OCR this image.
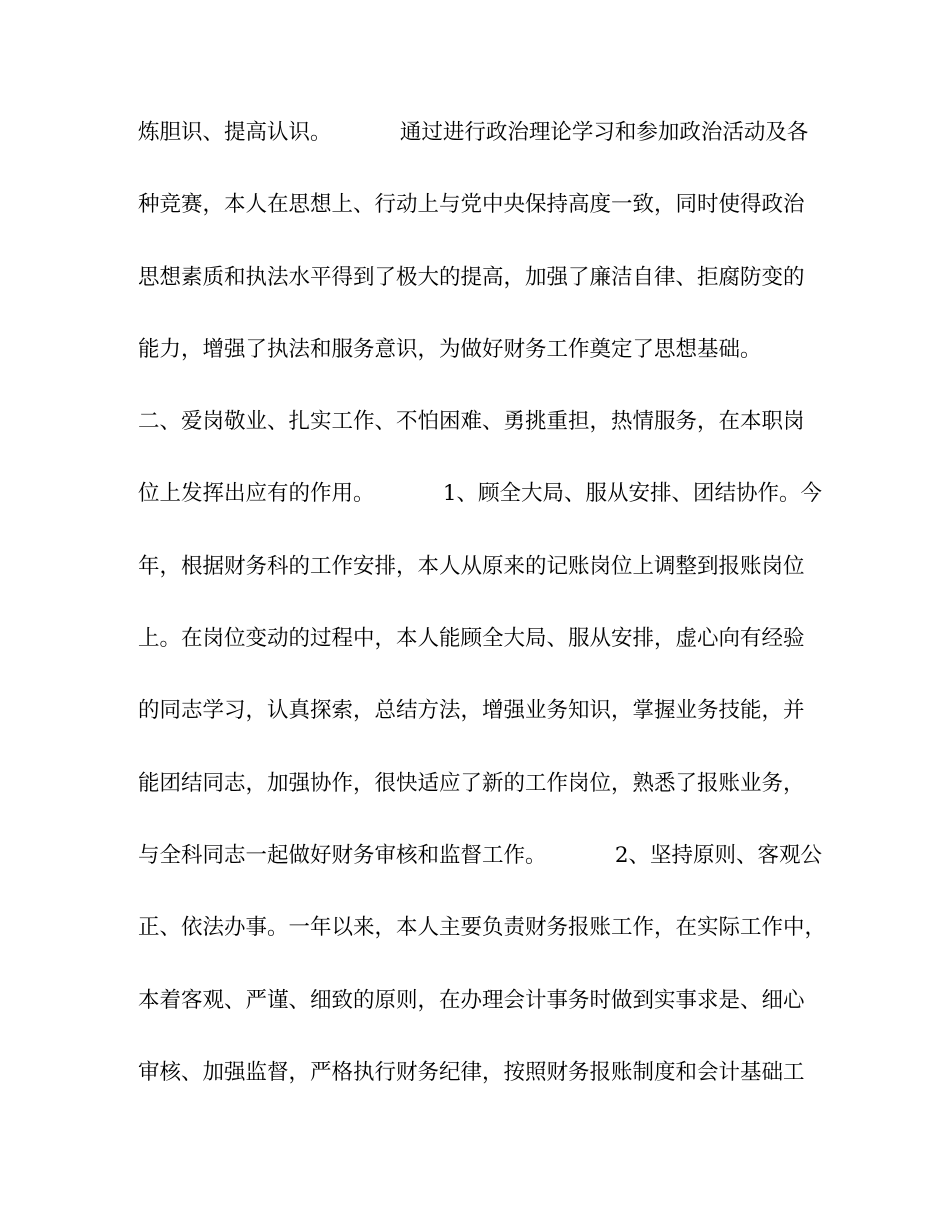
炼胆识、提高认识。          通过进行政治理论学习和参加政治活动及各
种竞赛，本人在思想上、行动上与党中央保持高度一致，同时使得政治
思想素质和执法水平得到了极大的提高，加强了廉洁自律、拒腐防变的
能力，增强了执法和服务意识，为做好财务工作奠定了思想基础。
二、爱岗敬业、扎实工作、不怕困难、勇挑重担，热情服务，在本职岗
位上发挥出应有的作用。          1、顾全大局、服从安排、团结协作。今
年，根据财务科的工作安排，本人从原来的记账岗位上调整到报账岗位
上。在岗位变动的过程中，本人能顾全大局、服从安排，虚心向有经验
的同志学习，认真探索，总结方法，增强业务知识，掌握业务技能，并
能团结同志，加强协作，很快适应了新的工作岗位，熟悉了报账业务，
与全科同志一起做好财务审核和监督工作。          2、坚持原则、客观公
正、依法办事。一年以来，本人主要负责财务报账工作，在实际工作中，
本着客观、严谨、细致的原则，在办理会计事务时做到实事求是、细心
审核、加强监督，严格执行财务纪律，按照财务报账制度和会计基础工
